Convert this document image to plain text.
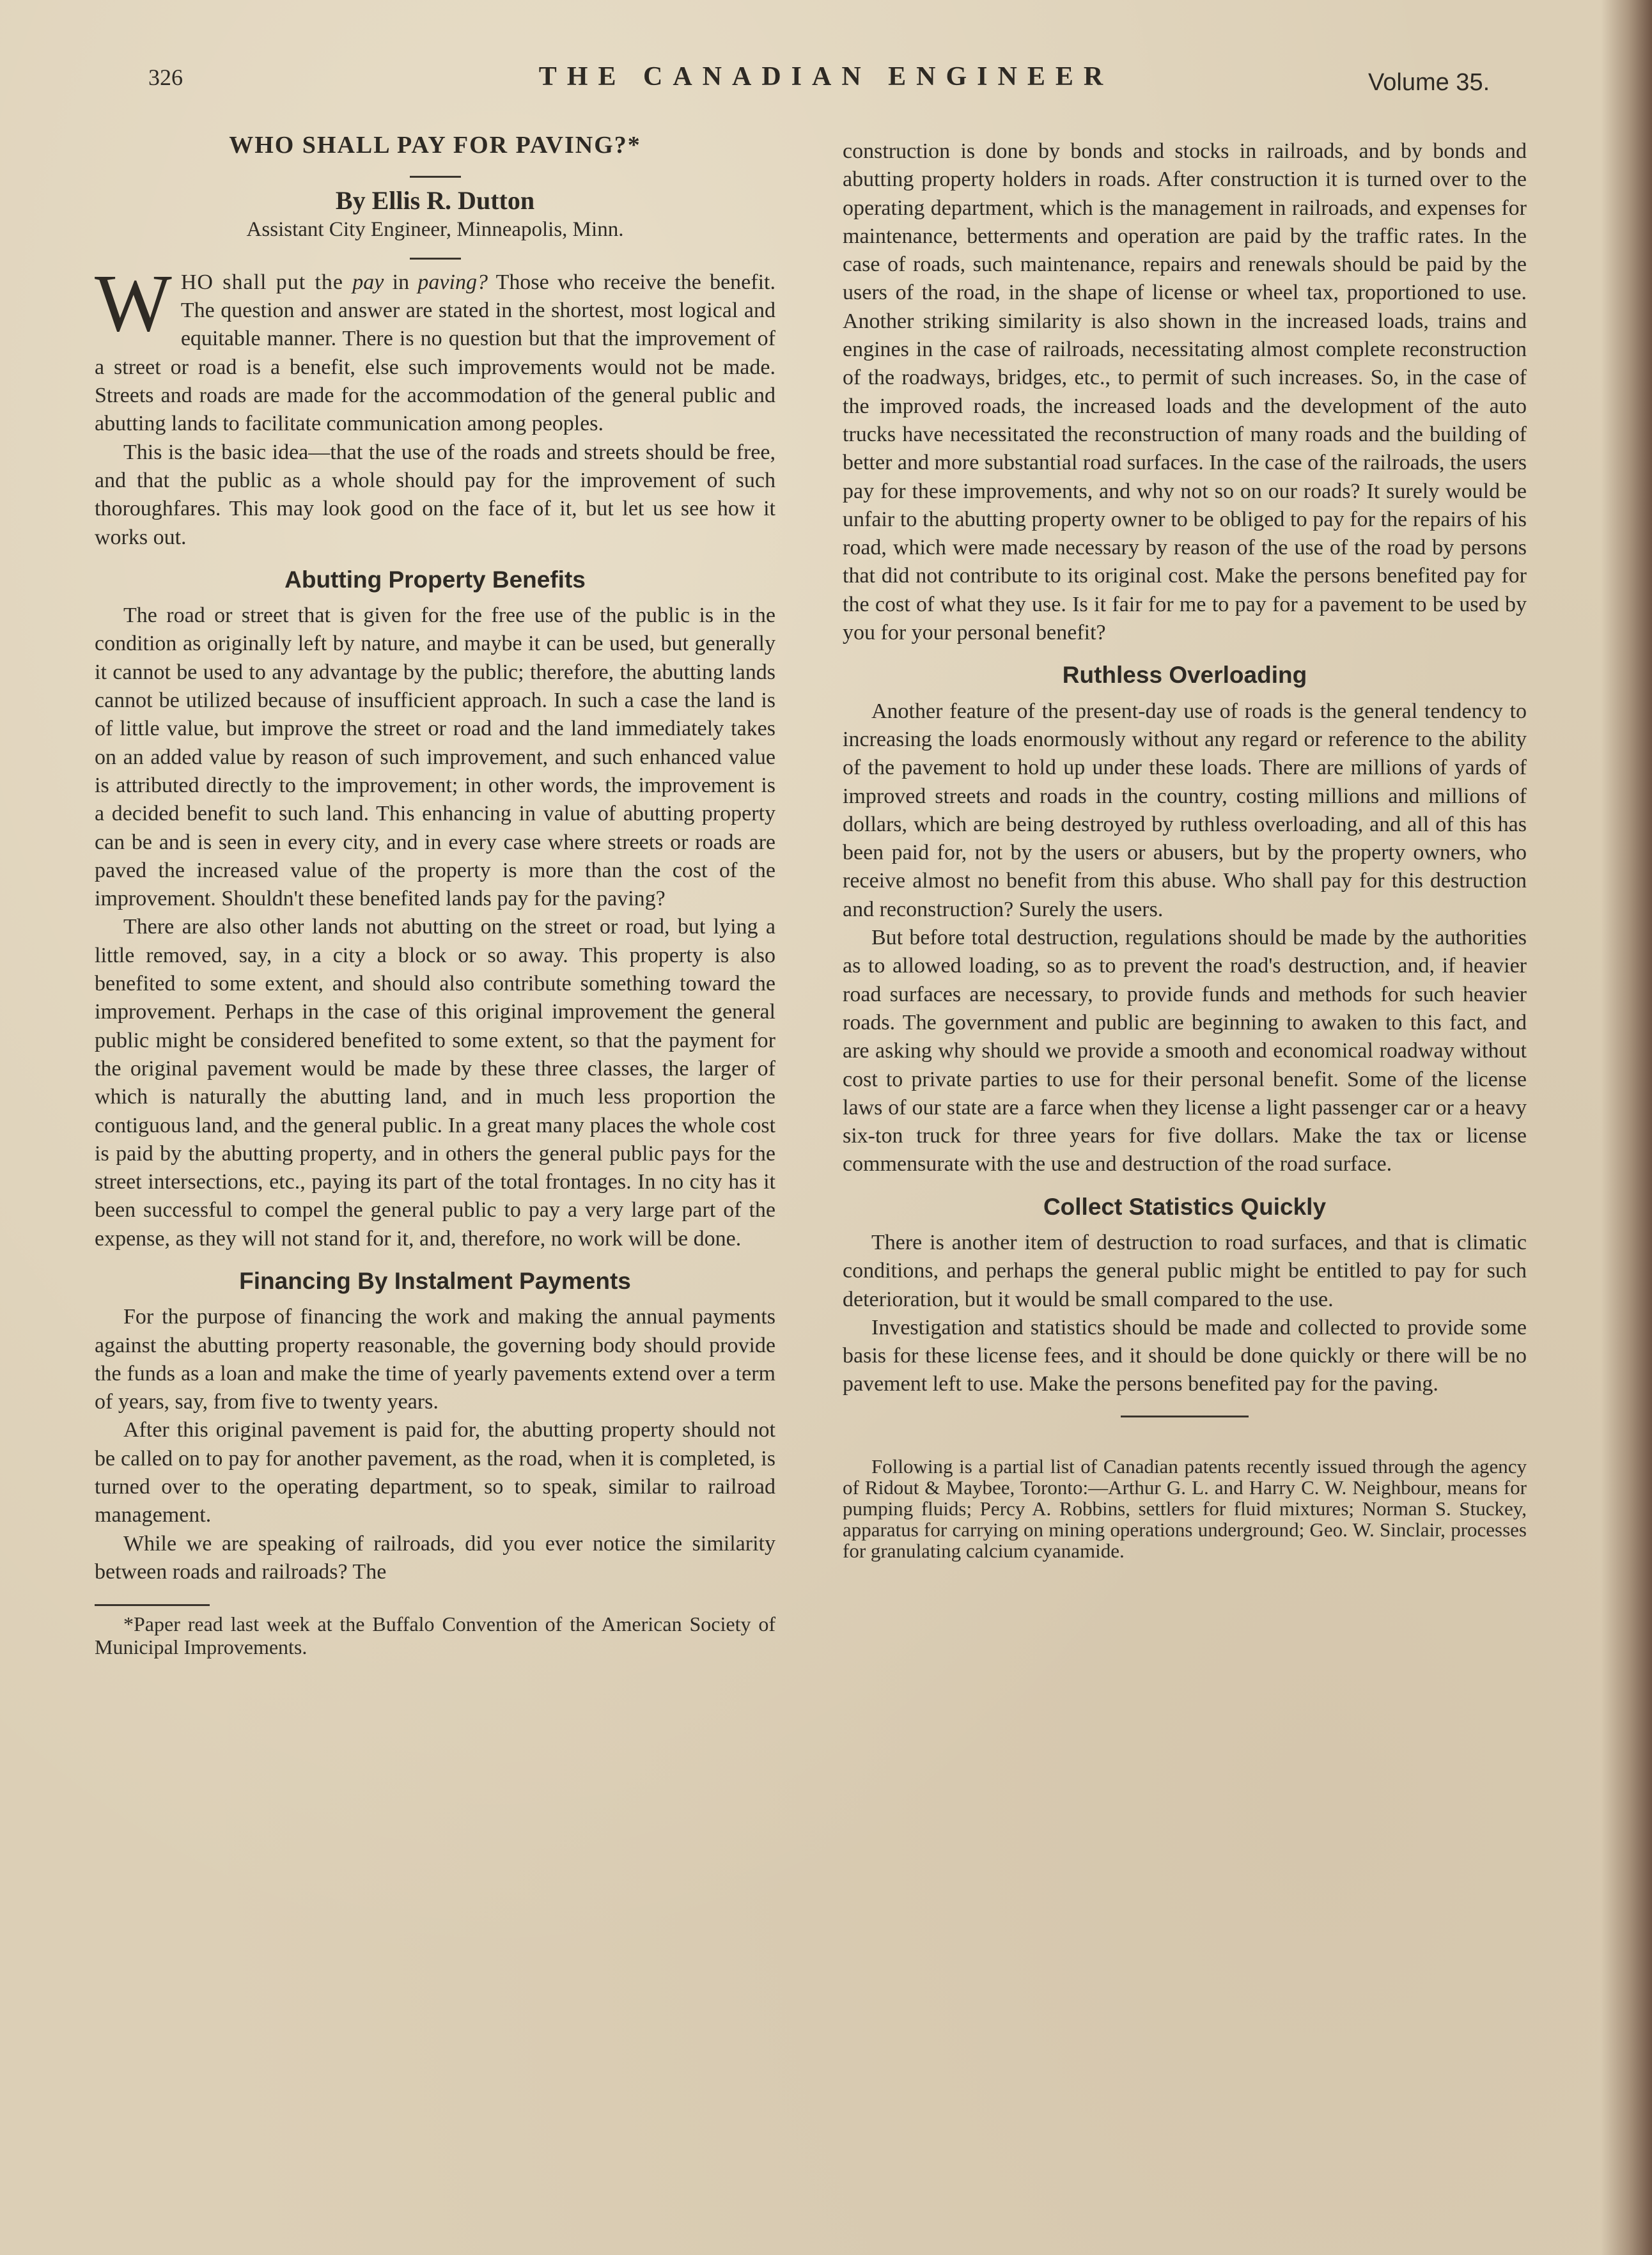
326	THE CANADIAN ENGINEER	Volume 35.
WHO SHALL PAY FOR PAVING?*

By Ellis R. Dutton

Assistant City Engineer, Minneapolis, Minn.

WHO shall put the pay in paving? Those who receive the benefit. The question and answer are stated in the shortest, most logical and equitable manner. There is no question but that the improvement of a street or road is a benefit, else such improvements would not be made. Streets and roads are made for the accommodation of the general public and abutting lands to facilitate communication among peoples.

This is the basic idea—that the use of the roads and streets should be free, and that the public as a whole should pay for the improvement of such thoroughfares. This may look good on the face of it, but let us see how it works out.

Abutting Property Benefits

The road or street that is given for the free use of the public is in the condition as originally left by nature, and maybe it can be used, but generally it cannot be used to any advantage by the public; therefore, the abutting lands cannot be utilized because of insufficient approach. In such a case the land is of little value, but improve the street or road and the land immediately takes on an added value by reason of such improvement, and such enhanced value is attributed directly to the improvement; in other words, the improvement is a decided benefit to such land. This enhancing in value of abutting property can be and is seen in every city, and in every case where streets or roads are paved the increased value of the property is more than the cost of the improvement. Shouldn't these benefited lands pay for the paving?

There are also other lands not abutting on the street or road, but lying a little removed, say, in a city a block or so away. This property is also benefited to some extent, and should also contribute something toward the improvement. Perhaps in the case of this original improvement the general public might be considered benefited to some extent, so that the payment for the original pavement would be made by these three classes, the larger of which is naturally the abutting land, and in much less proportion the contiguous land, and the general public. In a great many places the whole cost is paid by the abutting property, and in others the general public pays for the street intersections, etc., paying its part of the total frontages. In no city has it been successful to compel the general public to pay a very large part of the expense, as they will not stand for it, and, therefore, no work will be done.

Financing By Instalment Payments

For the purpose of financing the work and making the annual payments against the abutting property reasonable, the governing body should provide the funds as a loan and make the time of yearly pavements extend over a term of years, say, from five to twenty years.

After this original pavement is paid for, the abutting property should not be called on to pay for another pavement, as the road, when it is completed, is turned over to the operating department, so to speak, similar to railroad management.

While we are speaking of railroads, did you ever notice the similarity between roads and railroads? The

*Paper read last week at the Buffalo Convention of the American Society of Municipal Improvements.

construction is done by bonds and stocks in railroads, and by bonds and abutting property holders in roads. After construction it is turned over to the operating department, which is the management in railroads, and expenses for maintenance, betterments and operation are paid by the traffic rates. In the case of roads, such maintenance, repairs and renewals should be paid by the users of the road, in the shape of license or wheel tax, proportioned to use. Another striking similarity is also shown in the increased loads, trains and engines in the case of railroads, necessitating almost complete reconstruction of the roadways, bridges, etc., to permit of such increases. So, in the case of the improved roads, the increased loads and the development of the auto trucks have necessitated the reconstruction of many roads and the building of better and more substantial road surfaces. In the case of the railroads, the users pay for these improvements, and why not so on our roads? It surely would be unfair to the abutting property owner to be obliged to pay for the repairs of his road, which were made necessary by reason of the use of the road by persons that did not contribute to its original cost. Make the persons benefited pay for the cost of what they use. Is it fair for me to pay for a pavement to be used by you for your personal benefit?

Ruthless Overloading

Another feature of the present-day use of roads is the general tendency to increasing the loads enormously without any regard or reference to the ability of the pavement to hold up under these loads. There are millions of yards of improved streets and roads in the country, costing millions and millions of dollars, which are being destroyed by ruthless overloading, and all of this has been paid for, not by the users or abusers, but by the property owners, who receive almost no benefit from this abuse. Who shall pay for this destruction and reconstruction? Surely the users.

But before total destruction, regulations should be made by the authorities as to allowed loading, so as to prevent the road's destruction, and, if heavier road surfaces are necessary, to provide funds and methods for such heavier roads. The government and public are beginning to awaken to this fact, and are asking why should we provide a smooth and economical roadway without cost to private parties to use for their personal benefit. Some of the license laws of our state are a farce when they license a light passenger car or a heavy six-ton truck for three years for five dollars. Make the tax or license commensurate with the use and destruction of the road surface.

Collect Statistics Quickly

There is another item of destruction to road surfaces, and that is climatic conditions, and perhaps the general public might be entitled to pay for such deterioration, but it would be small compared to the use.

Investigation and statistics should be made and collected to provide some basis for these license fees, and it should be done quickly or there will be no pavement left to use. Make the persons benefited pay for the paving.

Following is a partial list of Canadian patents recently issued through the agency of Ridout & Maybee, Toronto:—Arthur G. L. and Harry C. W. Neighbour, means for pumping fluids; Percy A. Robbins, settlers for fluid mixtures; Norman S. Stuckey, apparatus for carrying on mining operations underground; Geo. W. Sinclair, processes for granulating calcium cyanamide.
